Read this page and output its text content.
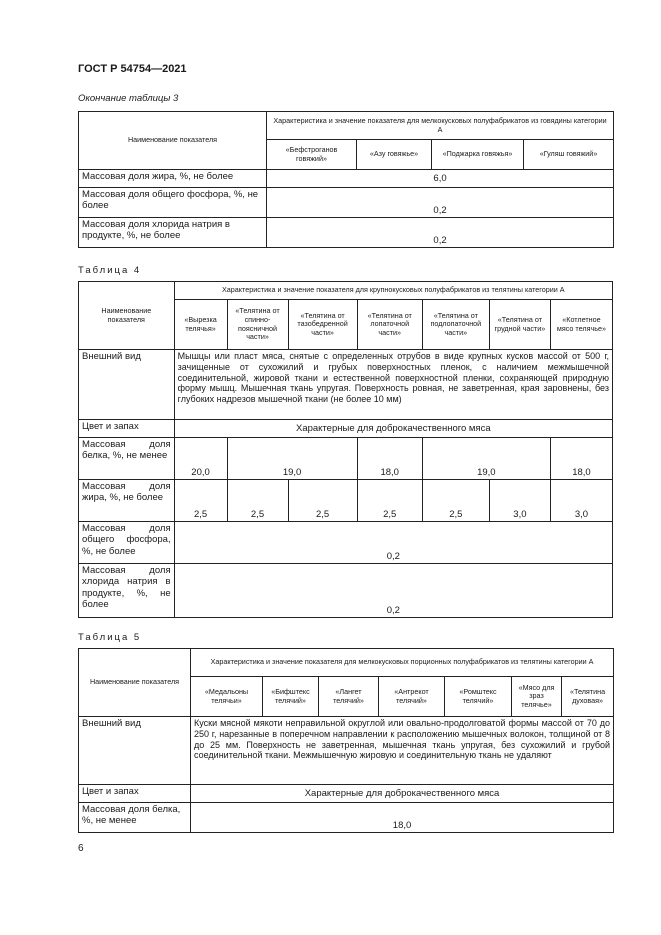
ГОСТ Р 54754—2021
Окончание таблицы 3
Наименование показателя	Характеристика и значение показателя для мелкокусковых полуфабрикатов из говядины категории А			
	«Бефстроганов говяжий»	«Азу говяжье»	«Поджарка говяжья»	«Гуляш говяжий»
Массовая доля жира, %, не более	6,0			
Массовая доля общего фосфора, %, не более	0,2			
Массовая доля хлорида натрия в продукте, %, не более	0,2			
Таблица 4
Наименование показателя	Характеристика и значение показателя для крупнокусковых полуфабрикатов из телятины категории А						
	«Вырезка телячья»	«Телятина от спинно-поясничной части»	«Телятина от тазобедренной части»	«Телятина от лопаточной части»	«Телятина от подлопаточной части»	«Телятина от грудной части»	«Котлетное мясо телячье»
Внешний вид	Мышцы или пласт мяса, снятые с определенных отрубов в виде крупных кусков массой от 500 г, зачищенные от сухожилий и грубых поверхностных пленок, с наличием межмышечной соединительной, жировой ткани и естественной поверхностной пленки, сохраняющей природную форму мышц. Мышечная ткань упругая. Поверхность ровная, не заветренная, края заровнены, без глубоких надрезов мышечной ткани (не более 10 мм)						
Цвет и запах	Характерные для доброкачественного мяса						
Массовая доля белка, %, не менее	20,0	19,0		18,0	19,0		18,0
Массовая доля жира, %, не более	2,5	2,5	2,5	2,5	2,5	3,0	3,0
Массовая доля общего фосфора, %, не более	0,2						
Массовая доля хлорида натрия в продукте, %, не более	0,2						
Таблица 5
Наименование показателя	Характеристика и значение показателя для мелкокусковых порционных полуфабрикатов из телятины категории А						
	«Медальоны телячьи»	«Бифштекс телячий»	«Лангет телячий»	«Антрекот телячий»	«Ромштекс телячий»	«Мясо для зраз телячье»	«Телятина духовая»
Внешний вид	Куски мясной мякоти неправильной округлой или овально-продолговатой формы массой от 70 до 250 г, нарезанные в поперечном направлении к расположению мышечных волокон, толщиной от 8 до 25 мм. Поверхность не заветренная, мышечная ткань упругая, без сухожилий и грубой соединительной ткани. Межмышечную жировую и соединительную ткань не удаляют						
Цвет и запах	Характерные для доброкачественного мяса						
Массовая доля белка, %, не менее	18,0						
6
